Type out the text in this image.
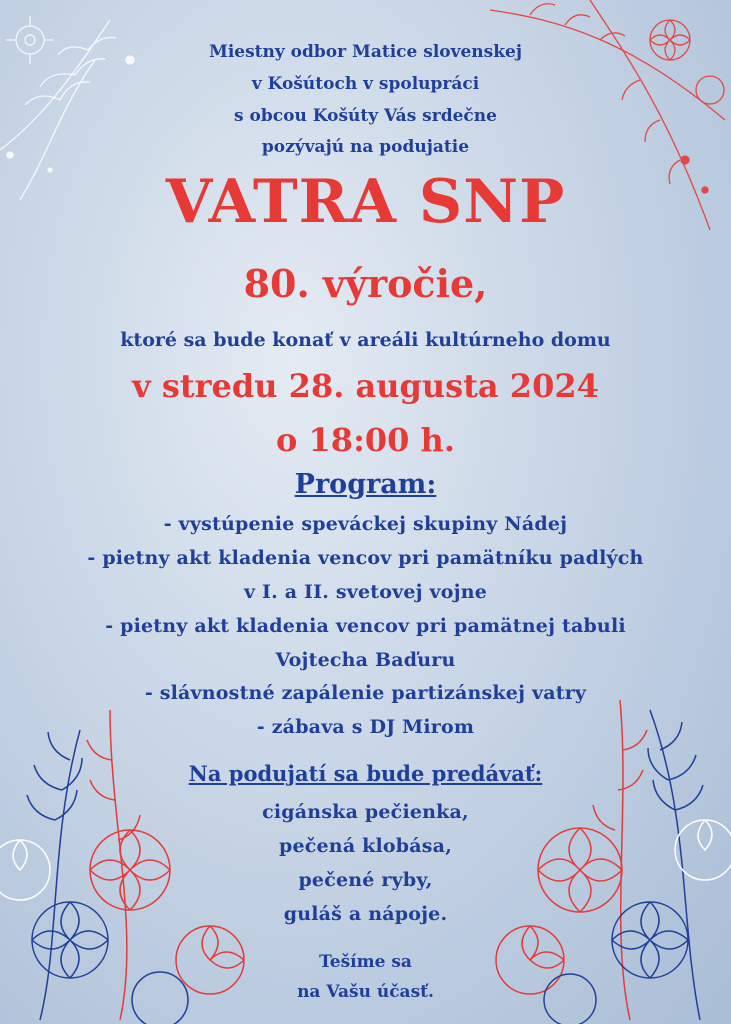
Miestny odbor Matice slovenskej
v Košútoch v spolupráci
s obcou Košúty Vás srdečne
pozývajú na podujatie
VATRA SNP
80. výročie,
ktoré sa bude konať v areáli kultúrneho domu
v stredu 28. augusta 2024
o 18:00 h.
Program:
- vystúpenie speváckej skupiny Nádej
- pietny akt kladenia vencov pri pamätníku padlých
v I. a II. svetovej vojne
- pietny akt kladenia vencov pri pamätnej tabuli
Vojtecha Baďuru
- slávnostné zapálenie partizánskej vatry
- zábava s DJ Mirom
Na podujatí sa bude predávať:
cigánska pečienka,
pečená klobása,
pečené ryby,
guláš a nápoje.
Tešíme sa
na Vašu účasť.
